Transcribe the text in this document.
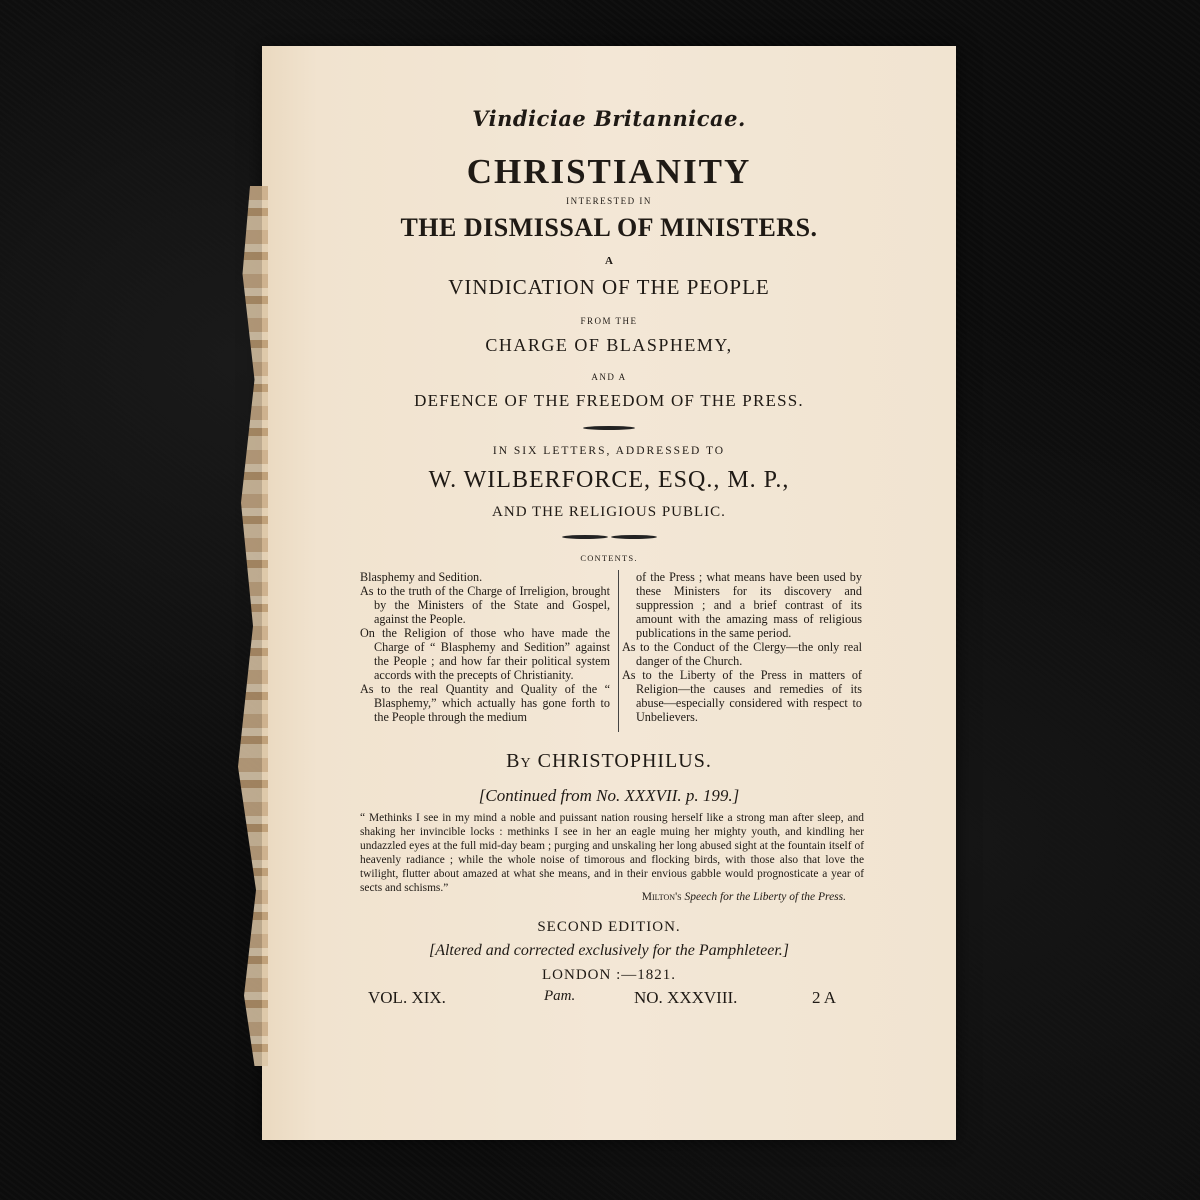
Vindiciae Britannicae.
CHRISTIANITY
INTERESTED IN
THE DISMISSAL OF MINISTERS.
A
VINDICATION OF THE PEOPLE
FROM THE
CHARGE OF BLASPHEMY,
AND A
DEFENCE OF THE FREEDOM OF THE PRESS.
IN SIX LETTERS, ADDRESSED TO
W. WILBERFORCE, ESQ., M. P.,
AND THE RELIGIOUS PUBLIC.
CONTENTS.

Blasphemy and Sedition.

As to the truth of the Charge of Irreligion, brought by the Ministers of the State and Gospel, against the People.

On the Religion of those who have made the Charge of “ Blasphemy and Sedition” against the People ; and how far their political system accords with the precepts of Christianity.

As to the real Quantity and Quality of the “ Blasphemy,” which actually has gone forth to the People through the medium

of the Press ; what means have been used by these Ministers for its discovery and suppression ; and a brief contrast of its amount with the amazing mass of religious publications in the same period.

As to the Conduct of the Clergy—the only real danger of the Church.

As to the Liberty of the Press in matters of Religion—the causes and remedies of its abuse—especially considered with respect to Unbelievers.

By CHRISTOPHILUS.
[Continued from No. XXXVII. p. 199.]
“ Methinks I see in my mind a noble and puissant nation rousing herself like a strong man after sleep, and shaking her invincible locks : methinks I see in her an eagle muing her mighty youth, and kindling her undazzled eyes at the full mid-day beam ; purging and unskaling her long abused sight at the fountain itself of heavenly radiance ; while the whole noise of timorous and flocking birds, with those also that love the twilight, flutter about amazed at what she means, and in their envious gabble would prognosticate a year of sects and schisms.”
Milton's Speech for the Liberty of the Press.
SECOND EDITION.
[Altered and corrected exclusively for the Pamphleteer.]
LONDON :—1821.
VOL. XIX.	Pam.	NO. XXXVIII.	2 A
